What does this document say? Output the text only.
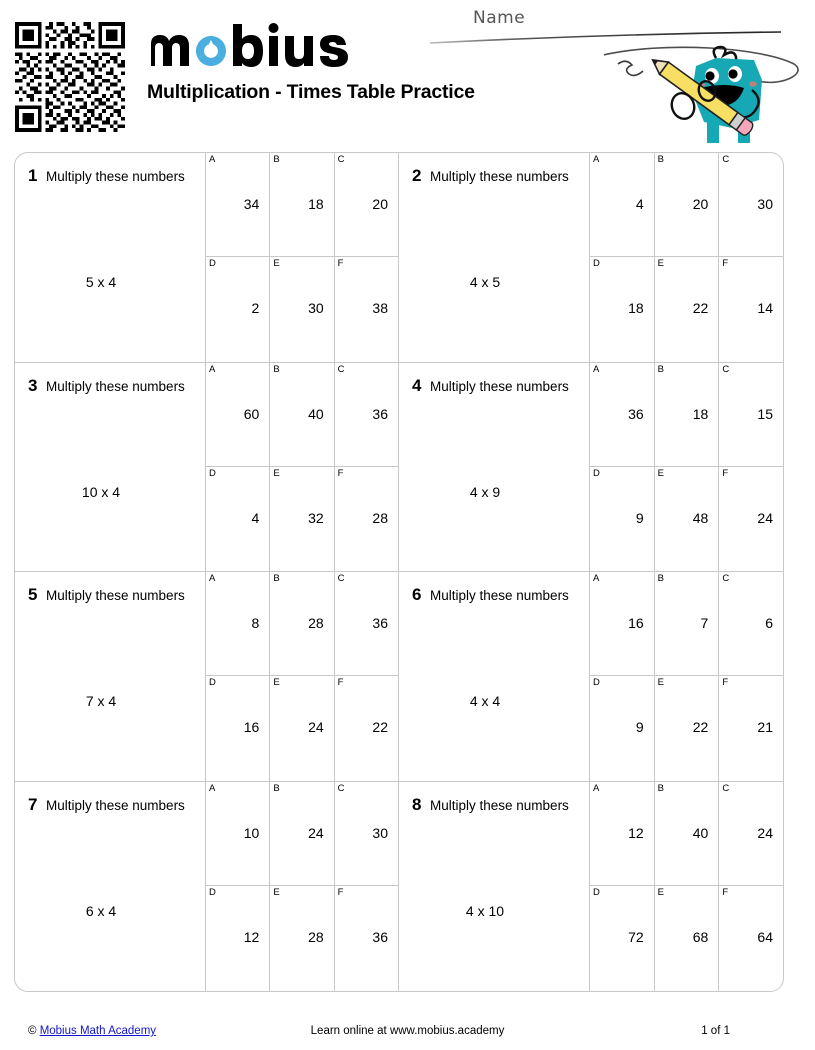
Multiplication - Times Table Practice
Name
1 Multiply these numbers
5 x 4
A
34
B
18
C
20
D
2
E
30
F
38
2 Multiply these numbers
4 x 5
A
4
B
20
C
30
D
18
E
22
F
14
3 Multiply these numbers
10 x 4
A
60
B
40
C
36
D
4
E
32
F
28
4 Multiply these numbers
4 x 9
A
36
B
18
C
15
D
9
E
48
F
24
5 Multiply these numbers
7 x 4
A
8
B
28
C
36
D
16
E
24
F
22
6 Multiply these numbers
4 x 4
A
16
B
7
C
6
D
9
E
22
F
21
7 Multiply these numbers
6 x 4
A
10
B
24
C
30
D
12
E
28
F
36
8 Multiply these numbers
4 x 10
A
12
B
40
C
24
D
72
E
68
F
64
© Mobius Math Academy	Learn online at www.mobius.academy	1 of 1
